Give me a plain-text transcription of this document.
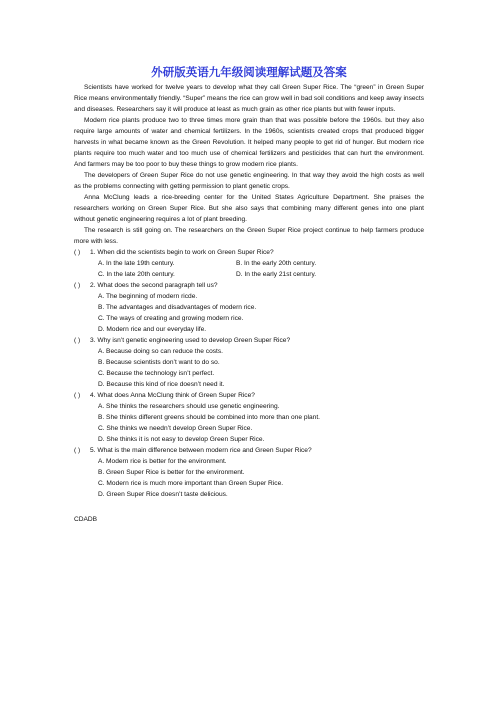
外研版英语九年级阅读理解试题及答案

Scientists have worked for twelve years to develop what they call Green Super Rice. The “green” in Green Super Rice means environmentally friendly. “Super” means the rice can grow well in bad soil conditions and keep away insects and diseases. Researchers say it will produce at least as much grain as other rice plants but with fewer inputs.

Modern rice plants produce two to three times more grain than that was possible before the 1960s. but they also require large amounts of water and chemical fertilizers. In the 1960s, scientists created crops that produced bigger harvests in what became known as the Green Revolution. It helped many people to get rid of hunger. But modern rice plants require too much water and too much use of chemical fertilizers and pesticides that can hurt the environment. And farmers may be too poor to buy these things to grow modern rice plants.

The developers of Green Super Rice do not use genetic engineering. In that way they avoid the high costs as well as the problems connecting with getting permission to plant genetic crops.

Anna McClung leads a rice-breeding center for the United States Agriculture Department. She praises the researchers working on Green Super Rice. But she also says that combining many different genes into one plant without genetic engineering requires a lot of plant breeding.

The research is still going on. The researchers on the Green Super Rice project continue to help farmers produce more with less.

( ) 1. When did the scientists begin to work on Green Super Rice?

A. In the late 19th century.	B. In the early 20th century.
C. In the late 20th century.	D. In the early 21st century.

( ) 2. What does the second paragraph tell us?

A. The beginning of modern ricde.
B. The advantages and disadvantages of modern rice.
C. The ways of creating and growing modern rice.
D. Modern rice and our everyday life.

( ) 3. Why isn’t genetic engineering used to develop Green Super Rice?

A. Because doing so can reduce the costs.
B. Because scientists don’t want to do so.
C. Because the technology isn’t perfect.
D. Because this kind of rice doesn’t need it.

( ) 4. What does Anna McClung think of Green Super Rice?

A. She thinks the researchers should use genetic engineering.
B. She thinks different greens should be combined into more than one plant.
C. She thinks we needn’t develop Green Super Rice.
D. She thinks it is not easy to develop Green Super Rice.

( ) 5. What is the main difference between modern rice and Green Super Rice?

A. Modern rice is better for the environment.
B. Green Super Rice is better for the environment.
C. Modern rice is much more important than Green Super Rice.
D. Green Super Rice doesn’t taste delicious.
CDADB
